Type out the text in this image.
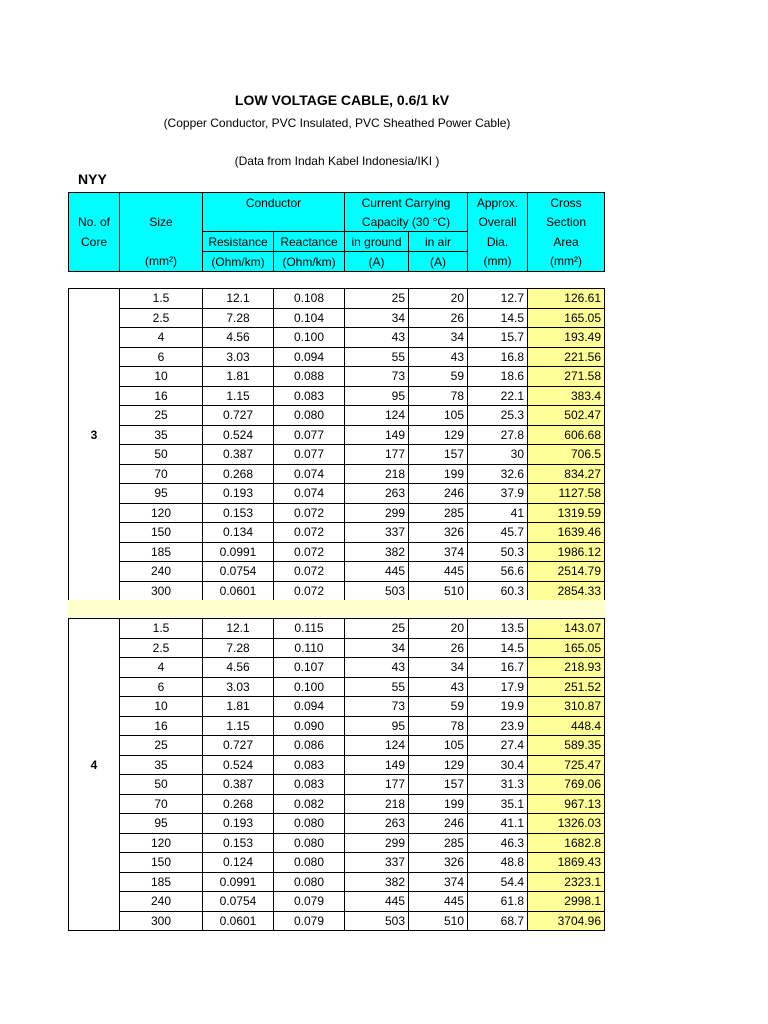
LOW VOLTAGE CABLE, 0.6/1 kV
(Copper Conductor, PVC Insulated, PVC Sheathed Power Cable)
(Data from Indah Kabel Indonesia/IKI )
NYY
		Conductor		Current Carrying		Approx.	Cross
No. of	Size			Capacity (30 °C)		Overall	Section
Core		Resistance	Reactance	in ground	in air	Dia.	Area
	(mm²)	(Ohm/km)	(Ohm/km)	(A)	(A)	(mm)	(mm²)
	1.5	12.1	0.108	25	20	12.7	126.61
	2.5	7.28	0.104	34	26	14.5	165.05
	4	4.56	0.100	43	34	15.7	193.49
	6	3.03	0.094	55	43	16.8	221.56
	10	1.81	0.088	73	59	18.6	271.58
	16	1.15	0.083	95	78	22.1	383.4
	25	0.727	0.080	124	105	25.3	502.47
3	35	0.524	0.077	149	129	27.8	606.68
	50	0.387	0.077	177	157	30	706.5
	70	0.268	0.074	218	199	32.6	834.27
	95	0.193	0.074	263	246	37.9	1127.58
	120	0.153	0.072	299	285	41	1319.59
	150	0.134	0.072	337	326	45.7	1639.46
	185	0.0991	0.072	382	374	50.3	1986.12
	240	0.0754	0.072	445	445	56.6	2514.79
	300	0.0601	0.072	503	510	60.3	2854.33
	1.5	12.1	0.115	25	20	13.5	143.07
	2.5	7.28	0.110	34	26	14.5	165.05
	4	4.56	0.107	43	34	16.7	218.93
	6	3.03	0.100	55	43	17.9	251.52
	10	1.81	0.094	73	59	19.9	310.87
	16	1.15	0.090	95	78	23.9	448.4
	25	0.727	0.086	124	105	27.4	589.35
4	35	0.524	0.083	149	129	30.4	725.47
	50	0.387	0.083	177	157	31.3	769.06
	70	0.268	0.082	218	199	35.1	967.13
	95	0.193	0.080	263	246	41.1	1326.03
	120	0.153	0.080	299	285	46.3	1682.8
	150	0.124	0.080	337	326	48.8	1869.43
	185	0.0991	0.080	382	374	54.4	2323.1
	240	0.0754	0.079	445	445	61.8	2998.1
	300	0.0601	0.079	503	510	68.7	3704.96
